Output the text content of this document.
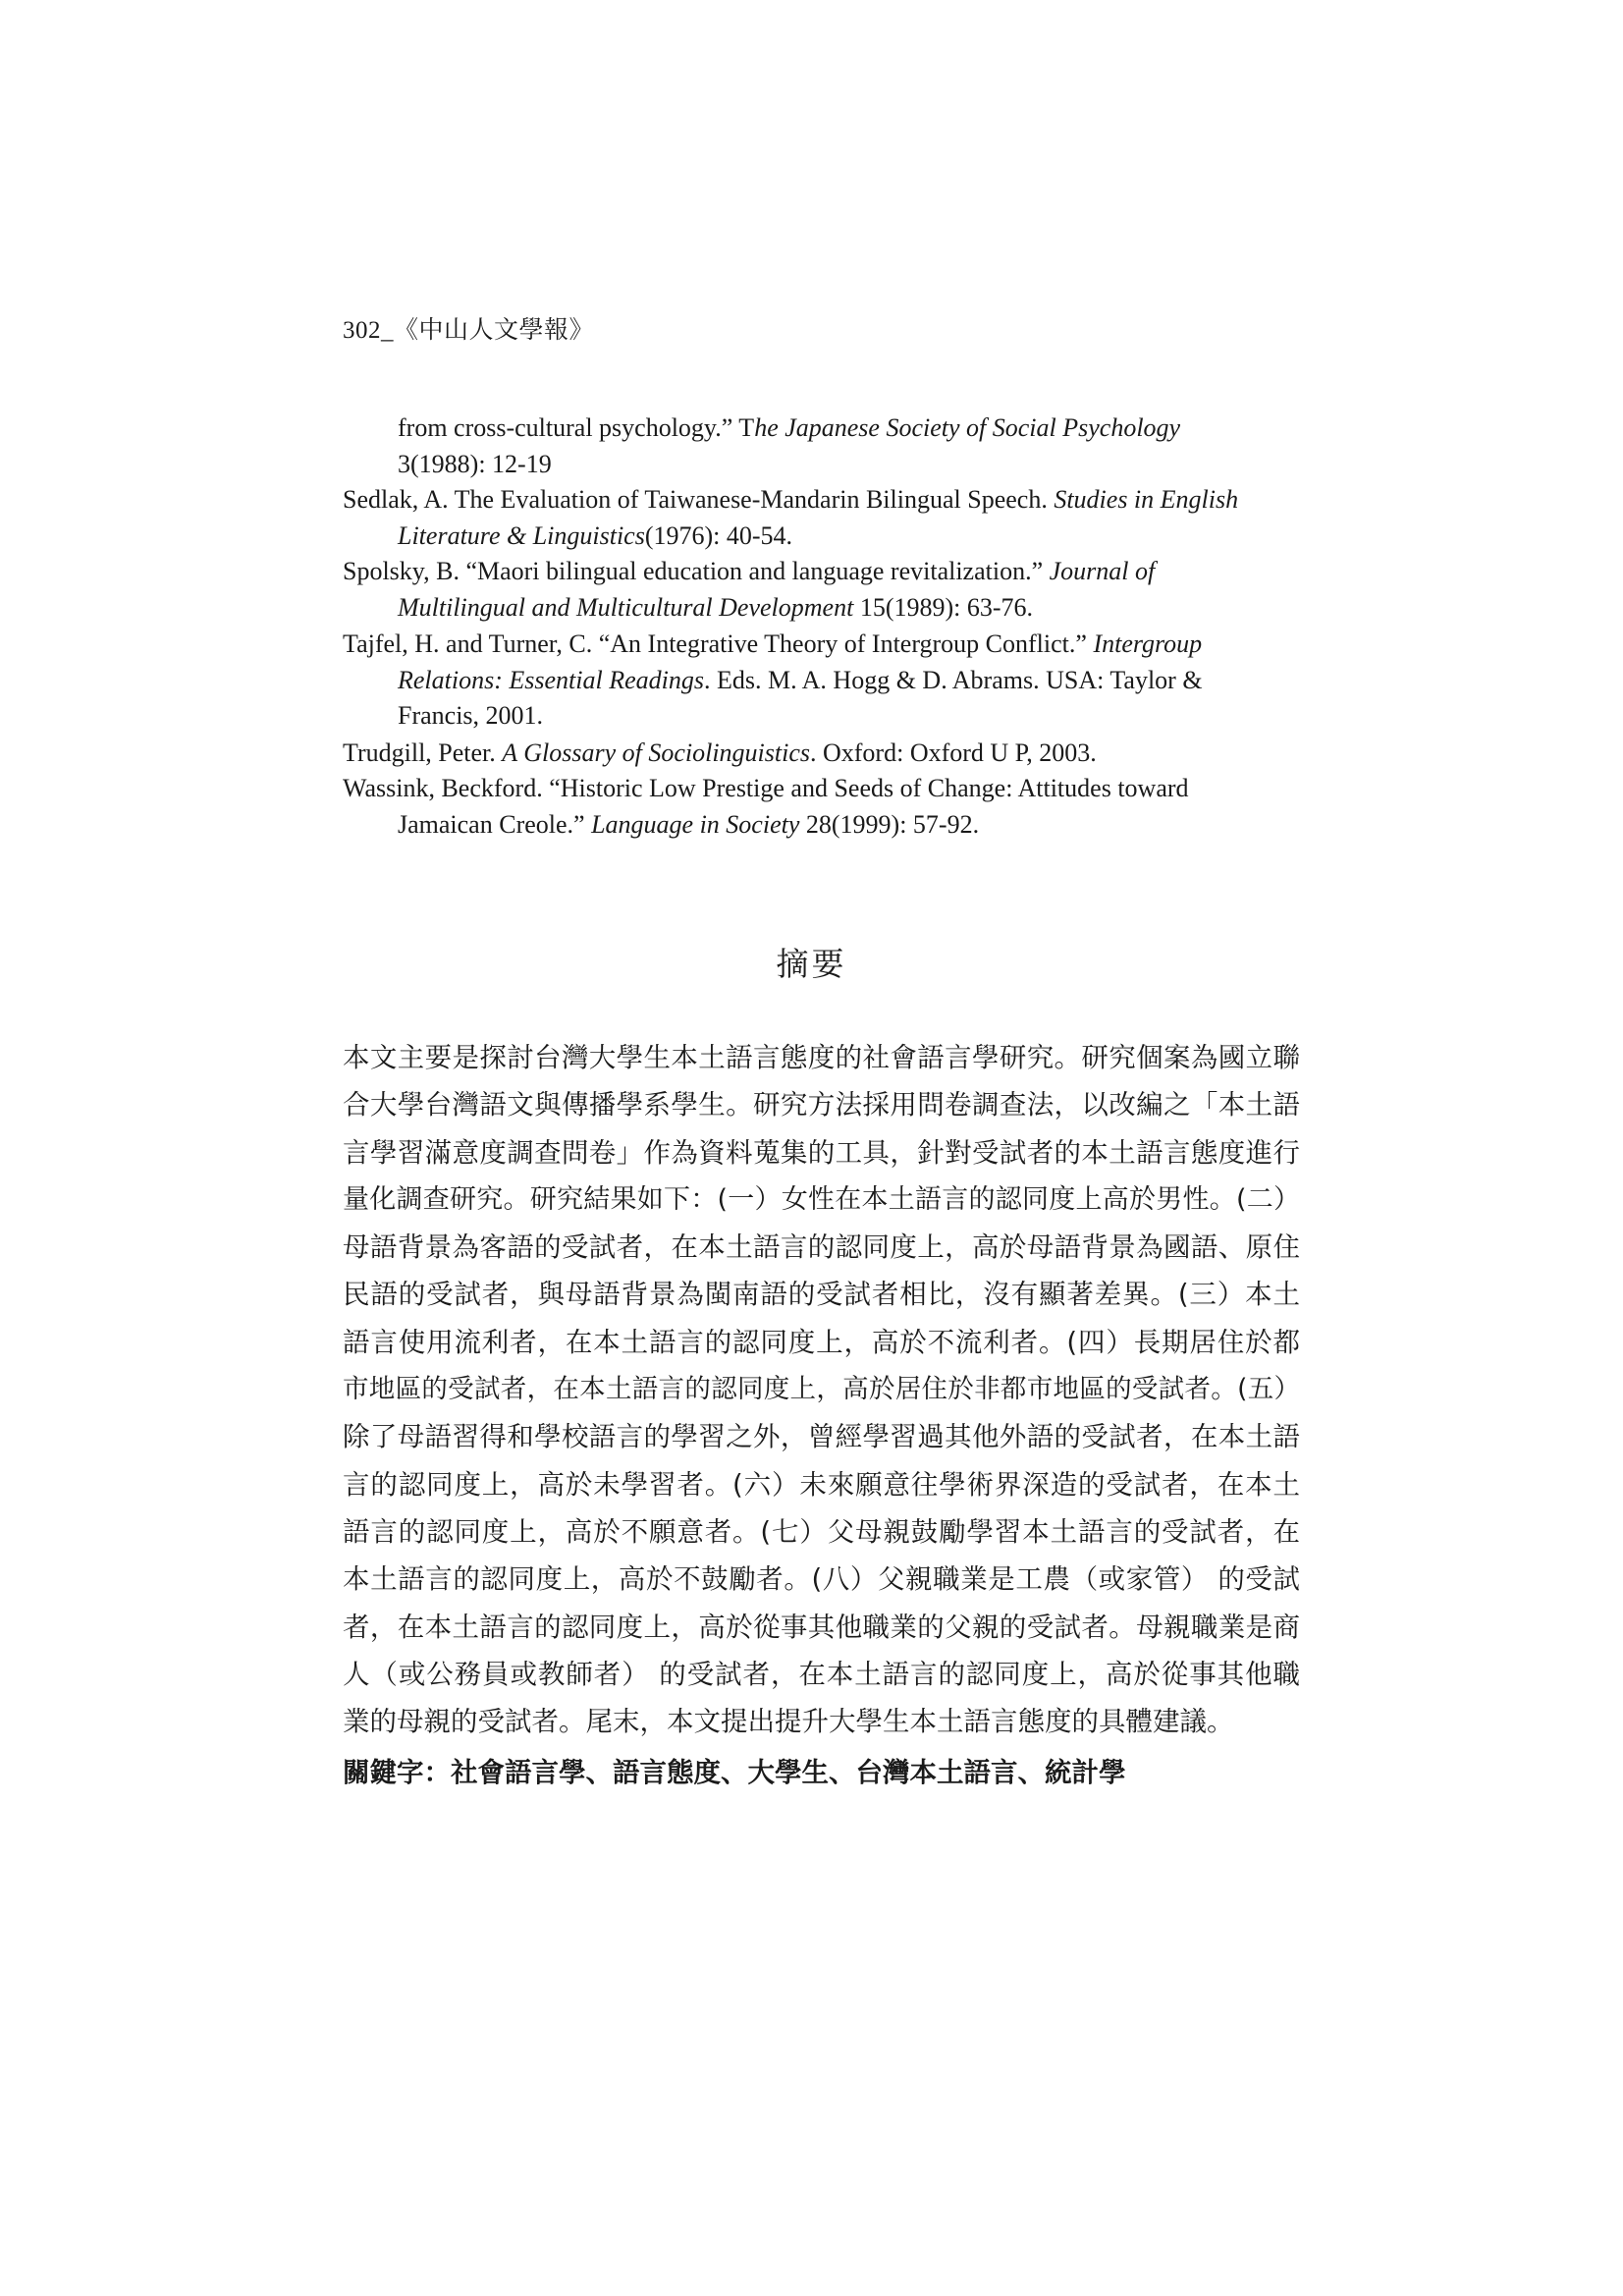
302_《中山人文學報》

from cross-cultural psychology.” The Japanese Society of Social Psychology
3(1988): 12-19

Sedlak, A. The Evaluation of Taiwanese-Mandarin Bilingual Speech. Studies in English Literature & Linguistics(1976): 40-54.

Spolsky, B. “Maori bilingual education and language revitalization.” Journal of Multilingual and Multicultural Development 15(1989): 63-76.

Tajfel, H. and Turner, C. “An Integrative Theory of Intergroup Conflict.” Intergroup Relations: Essential Readings. Eds. M. A. Hogg & D. Abrams. USA: Taylor & Francis, 2001.

Trudgill, Peter. A Glossary of Sociolinguistics. Oxford: Oxford U P, 2003.

Wassink, Beckford. “Historic Low Prestige and Seeds of Change: Attitudes toward Jamaican Creole.” Language in Society 28(1999): 57-92.

摘要
本文主要是探討台灣大學生本土語言態度的社會語言學研究。研究個案為國立聯
合大學台灣語文與傳播學系學生。研究方法採用問卷調查法，以改編之「本土語
言學習滿意度調查問卷」作為資料蒐集的工具，針對受試者的本土語言態度進行
量化調查研究。研究結果如下：(一）女性在本土語言的認同度上高於男性。(二）
母語背景為客語的受試者，在本土語言的認同度上，高於母語背景為國語、原住
民語的受試者，與母語背景為閩南語的受試者相比，沒有顯著差異。(三）本土
語言使用流利者，在本土語言的認同度上，高於不流利者。(四）長期居住於都
市地區的受試者，在本土語言的認同度上，高於居住於非都市地區的受試者。(五）
除了母語習得和學校語言的學習之外，曾經學習過其他外語的受試者，在本土語
言的認同度上，高於未學習者。(六）未來願意往學術界深造的受試者，在本土
語言的認同度上，高於不願意者。(七）父母親鼓勵學習本土語言的受試者，在
本土語言的認同度上，高於不鼓勵者。(八）父親職業是工農（或家管） 的受試
者，在本土語言的認同度上，高於從事其他職業的父親的受試者。母親職業是商
人（或公務員或教師者） 的受試者，在本土語言的認同度上，高於從事其他職
業的母親的受試者。尾末，本文提出提升大學生本土語言態度的具體建議。
關鍵字：社會語言學、語言態度、大學生、台灣本土語言、統計學
